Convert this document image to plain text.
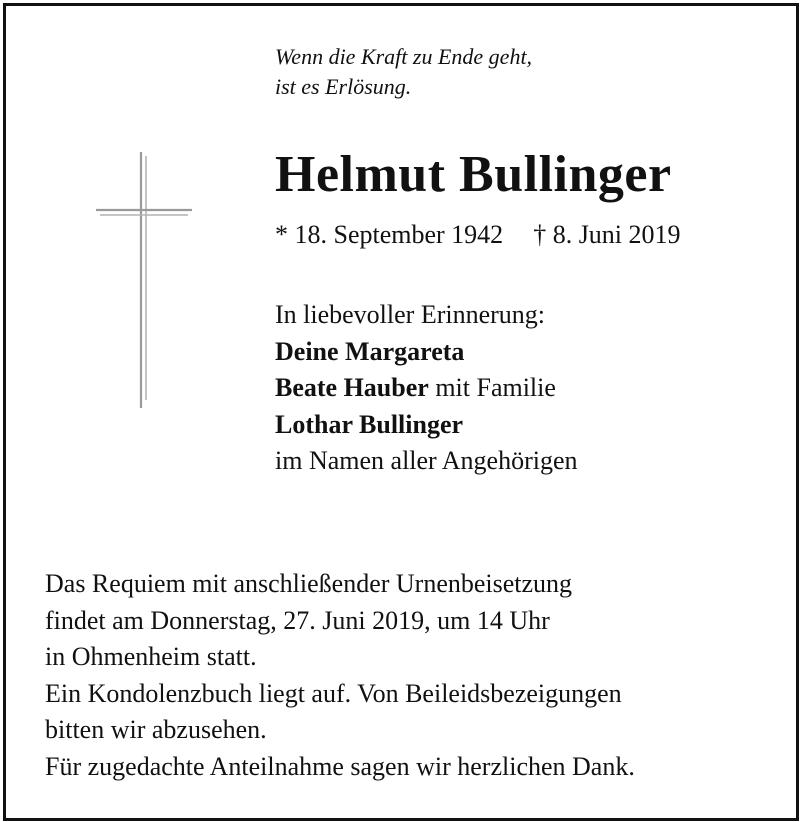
Wenn die Kraft zu Ende geht,
ist es Erlösung.
Helmut Bullinger
* 18. September 1942 † 8. Juni 2019
In liebevoller Erinnerung:
Deine Margareta
Beate Hauber mit Familie
Lothar Bullinger
im Namen aller Angehörigen
Das Requiem mit anschließender Urnenbeisetzung
findet am Donnerstag, 27. Juni 2019, um 14 Uhr
in Ohmenheim statt.
Ein Kondolenzbuch liegt auf. Von Beileidsbezeigungen
bitten wir abzusehen.
Für zugedachte Anteilnahme sagen wir herzlichen Dank.
